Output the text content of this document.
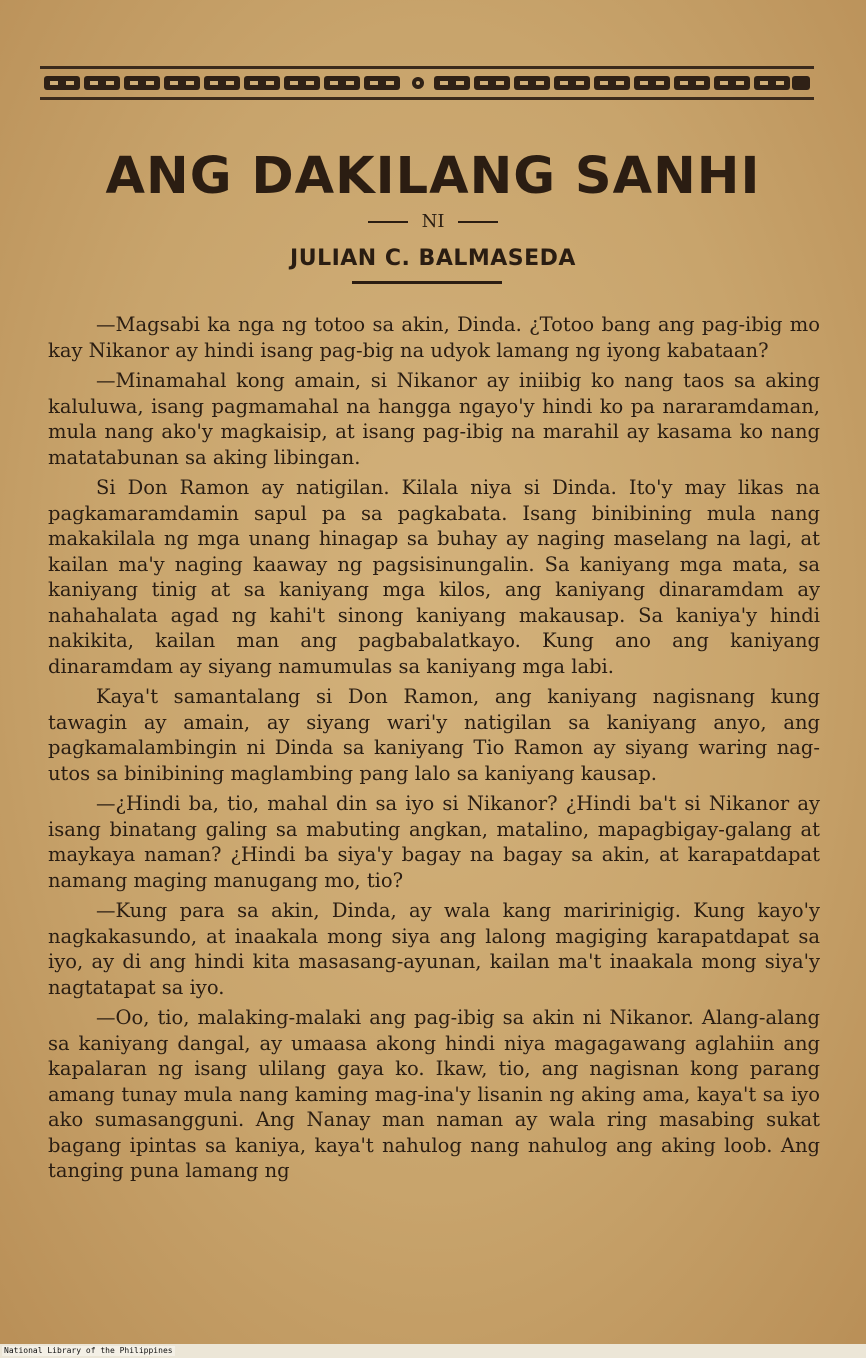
ANG DAKILANG SANHI
NI
JULIAN C. BALMASEDA

—Magsabi ka nga ng totoo sa akin, Dinda. ¿Totoo bang ang pag-ibig mo kay Nikanor ay hindi isang pag-big na udyok lamang ng iyong kabataan?

—Minamahal kong amain, si Nikanor ay iniibig ko nang taos sa aking kaluluwa, isang pagmamahal na hangga ngayo'y hindi ko pa nararamdaman, mula nang ako'y magkaisip, at isang pag-ibig na marahil ay kasama ko nang matatabunan sa aking libingan.

Si Don Ramon ay natigilan. Kilala niya si Dinda. Ito'y may likas na pagkamaramdamin sapul pa sa pagkabata. Isang binibining mula nang makakilala ng mga unang hinagap sa buhay ay naging maselang na lagi, at kailan ma'y naging kaaway ng pagsisinungalin. Sa kaniyang mga mata, sa kaniyang tinig at sa kaniyang mga kilos, ang kaniyang dinaramdam ay nahahalata agad ng kahi't sinong kaniyang makausap. Sa kaniya'y hindi nakikita, kailan man ang pagbabalatkayo. Kung ano ang kaniyang dinaramdam ay siyang namumulas sa kaniyang mga labi.

Kaya't samantalang si Don Ramon, ang kaniyang nagisnang kung tawagin ay amain, ay siyang wari'y natigilan sa kaniyang anyo, ang pagkamalambingin ni Dinda sa kaniyang Tio Ramon ay siyang waring nag-utos sa binibining maglambing pang lalo sa kaniyang kausap.

—¿Hindi ba, tio, mahal din sa iyo si Nikanor? ¿Hindi ba't si Nikanor ay isang binatang galing sa mabuting angkan, matalino, mapagbigay-galang at maykaya naman? ¿Hindi ba siya'y bagay na bagay sa akin, at karapatdapat namang maging manugang mo, tio?

—Kung para sa akin, Dinda, ay wala kang maririnigig. Kung kayo'y nagkakasundo, at inaakala mong siya ang lalong magiging karapatdapat sa iyo, ay di ang hindi kita masasang-ayunan, kailan ma't inaakala mong siya'y nagtatapat sa iyo.

—Oo, tio, malaking-malaki ang pag-ibig sa akin ni Nikanor. Alang-alang sa kaniyang dangal, ay umaasa akong hindi niya magagawang aglahiin ang kapalaran ng isang ulilang gaya ko. Ikaw, tio, ang nagisnan kong parang amang tunay mula nang kaming mag-ina'y lisanin ng aking ama, kaya't sa iyo ako sumasangguni. Ang Nanay man naman ay wala ring masabing sukat bagang ipintas sa kaniya, kaya't nahulog nang nahulog ang aking loob. Ang tanging puna lamang ng

National Library of the Philippines
